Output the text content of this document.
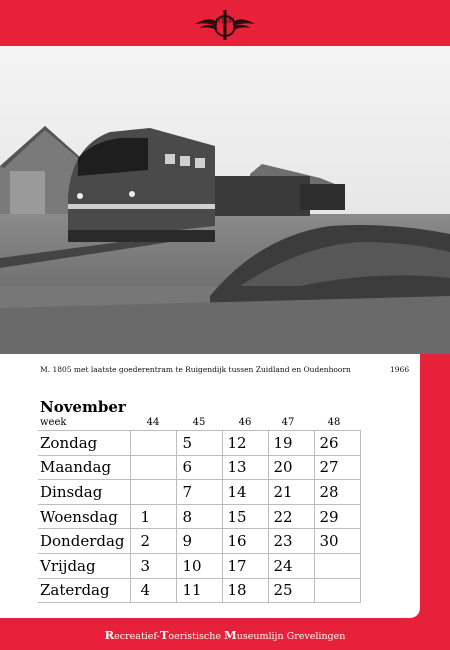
RTSM
M. 1805 met laatste goederentram te Ruigendijk tussen Zuidland en Oudenhoorn	1966
November
week	44	45	46	47	48
Zondag		5	12	19	26
Maandag		6	13	20	27
Dinsdag		7	14	21	28
Woensdag	1	8	15	22	29
Donderdag	2	9	16	23	30
Vrijdag	3	10	17	24	
Zaterdag	4	11	18	25	
Recreatief-Toeristische Museumlijn Grevelingen
